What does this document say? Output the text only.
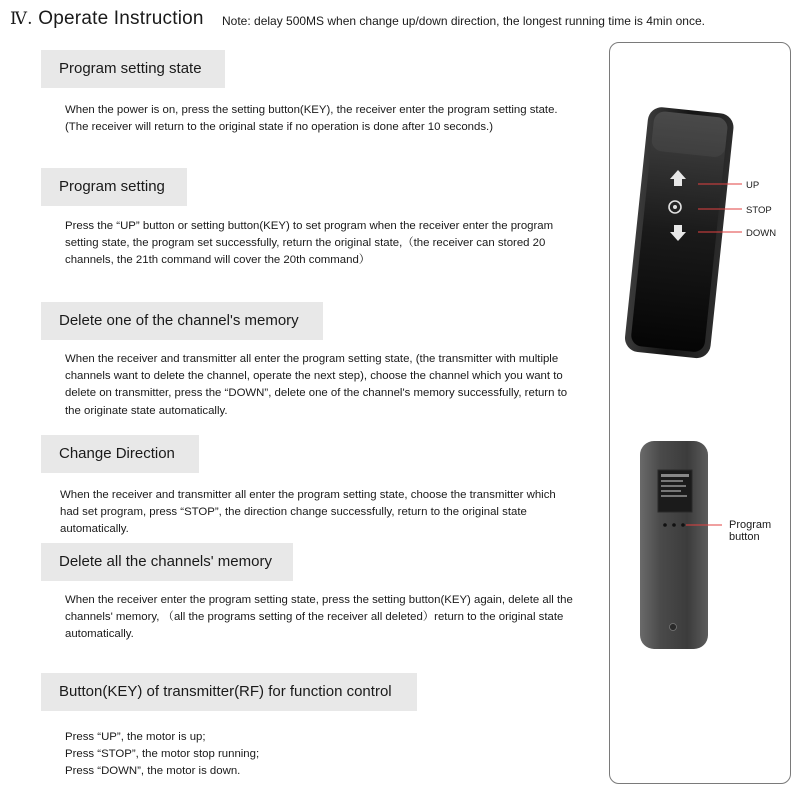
Ⅳ. Operate Instruction Note: delay 500MS when change up/down direction, the longest running time is 4min once.
Program setting state
When the power is on, press the setting button(KEY), the receiver enter the program setting state.
(The receiver will return to the original state if no operation is done after 10 seconds.)
Program setting
Press the “UP” button or setting button(KEY) to set program when the receiver enter the program
setting state, the program set successfully, return the original state,（the receiver can stored 20
channels, the 21th command will cover the 20th command）
Delete one of the channel's memory
When the receiver and transmitter all enter the program setting state, (the transmitter with multiple
channels want to delete the channel, operate the next step), choose the channel which you want to
delete on transmitter, press the “DOWN”, delete one of the channel's memory successfully, return to
the originate state automatically.
Change Direction
When the receiver and transmitter all enter the program setting state, choose the transmitter which
had set program, press “STOP”, the direction change successfully, return to the original state
automatically.
Delete all the channels' memory
When the receiver enter the program setting state, press the setting button(KEY) again, delete all the
channels' memory, （all the programs setting of the receiver all deleted）return to the original state
automatically.
Button(KEY) of transmitter(RF) for function control
Press “UP”, the motor is up;
Press “STOP”, the motor stop running;
Press “DOWN”, the motor is down.
UP
STOP
DOWN
Program
button
